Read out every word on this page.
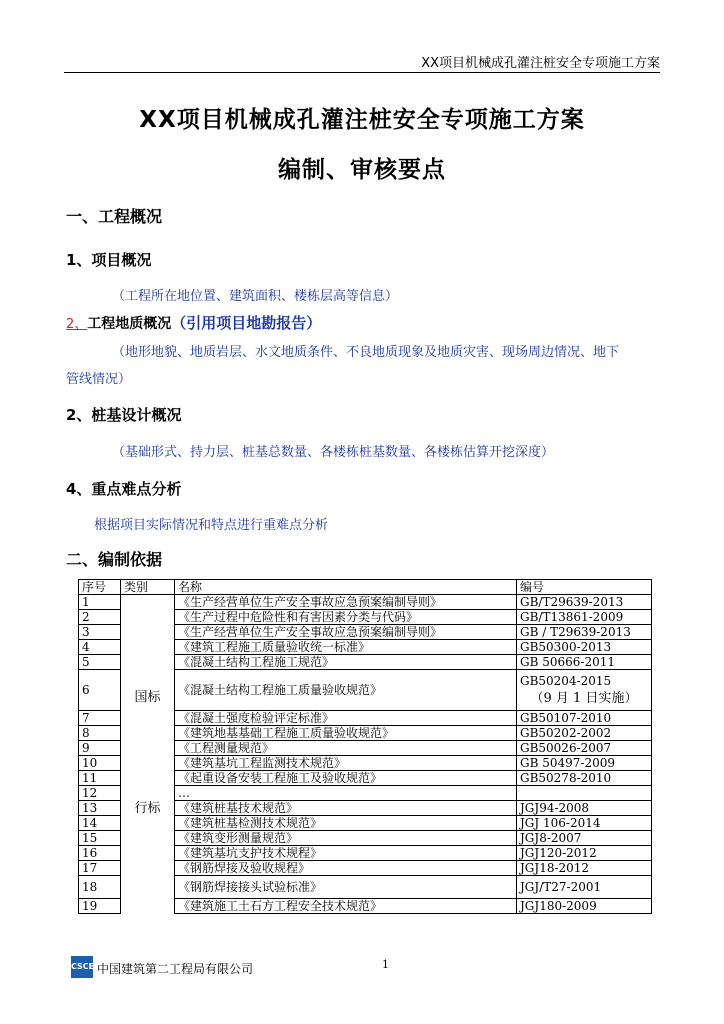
XX项目机械成孔灌注桩安全专项施工方案
XX项目机械成孔灌注桩安全专项施工方案
编制、审核要点
一、工程概况
1、项目概况
（工程所在地位置、建筑面积、楼栋层高等信息）
2、工程地质概况（引用项目地勘报告）
（地形地貌、地质岩层、水文地质条件、不良地质现象及地质灾害、现场周边情况、地下
管线情况）
2、桩基设计概况
（基础形式、持力层、桩基总数量、各楼栋桩基数量、各楼栋估算开挖深度）
4、重点难点分析
根据项目实际情况和特点进行重难点分析
二、编制依据
序号	类别	名称	编号
1	国标	《生产经营单位生产安全事故应急预案编制导则》	GB/T29639-2013
2		《生产过程中危险性和有害因素分类与代码》	GB/T13861-2009
3		《生产经营单位生产安全事故应急预案编制导则》	GB / T29639-2013
4		《建筑工程施工质量验收统一标准》	GB50300-2013
5		《混凝土结构工程施工规范》	GB 50666-2011
6		《混凝土结构工程施工质量验收规范》	GB50204-2015
（9 月 1 日实施）

7		《混凝土强度检验评定标准》	GB50107-2010
8		《建筑地基基础工程施工质量验收规范》	GB50202-2002
9		《工程测量规范》	GB50026-2007
10		《建筑基坑工程监测技术规范》	GB 50497-2009
11		《起重设备安装工程施工及验收规范》	GB50278-2010
12		…	
13	行标	《建筑桩基技术规范》	JGJ94-2008
14		《建筑桩基检测技术规范》	JGJ 106-2014
15		《建筑变形测量规范》	JGJ8-2007
16		《建筑基坑支护技术规程》	JGJ120-2012
17		《钢筋焊接及验收规程》	JGJ18-2012
18		《钢筋焊接接头试验标准》	JGJ/T27-2001
19		《建筑施工土石方工程安全技术规范》	JGJ180-2009
CSCEC
中国建筑第二工程局有限公司	1
